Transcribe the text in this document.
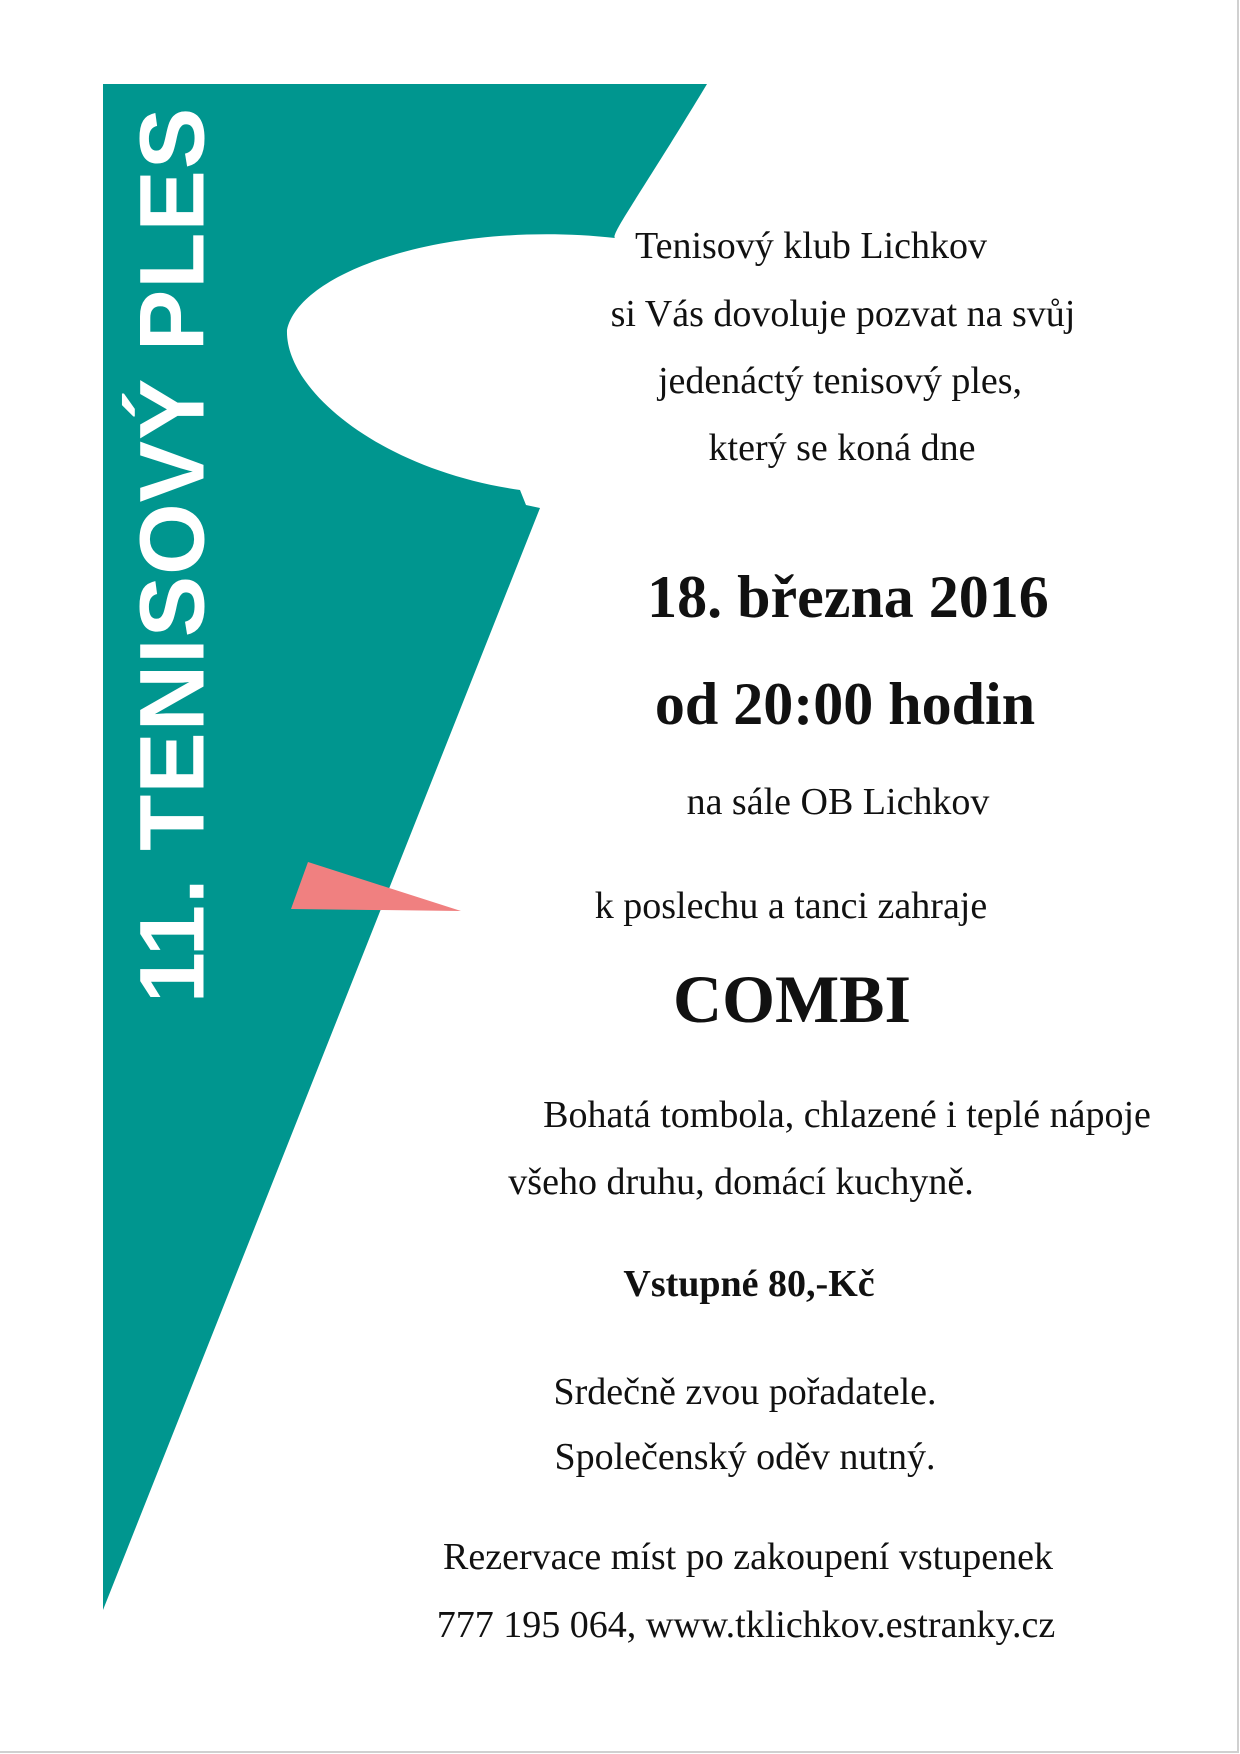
11. TENISOVÝ PLES	Tenisový klub Lichkov
si Vás dovoluje pozvat na svůj
jedenáctý tenisový ples,
který se koná dne
18. března 2016
od 20:00 hodin
na sále OB Lichkov
k poslechu a tanci zahraje
COMBI
Bohatá tombola, chlazené i teplé nápoje
všeho druhu, domácí kuchyně.
Vstupné 80,-Kč
Srdečně zvou pořadatele.
Společenský oděv nutný.
Rezervace míst po zakoupení vstupenek
777 195 064, www.tklichkov.estranky.cz
